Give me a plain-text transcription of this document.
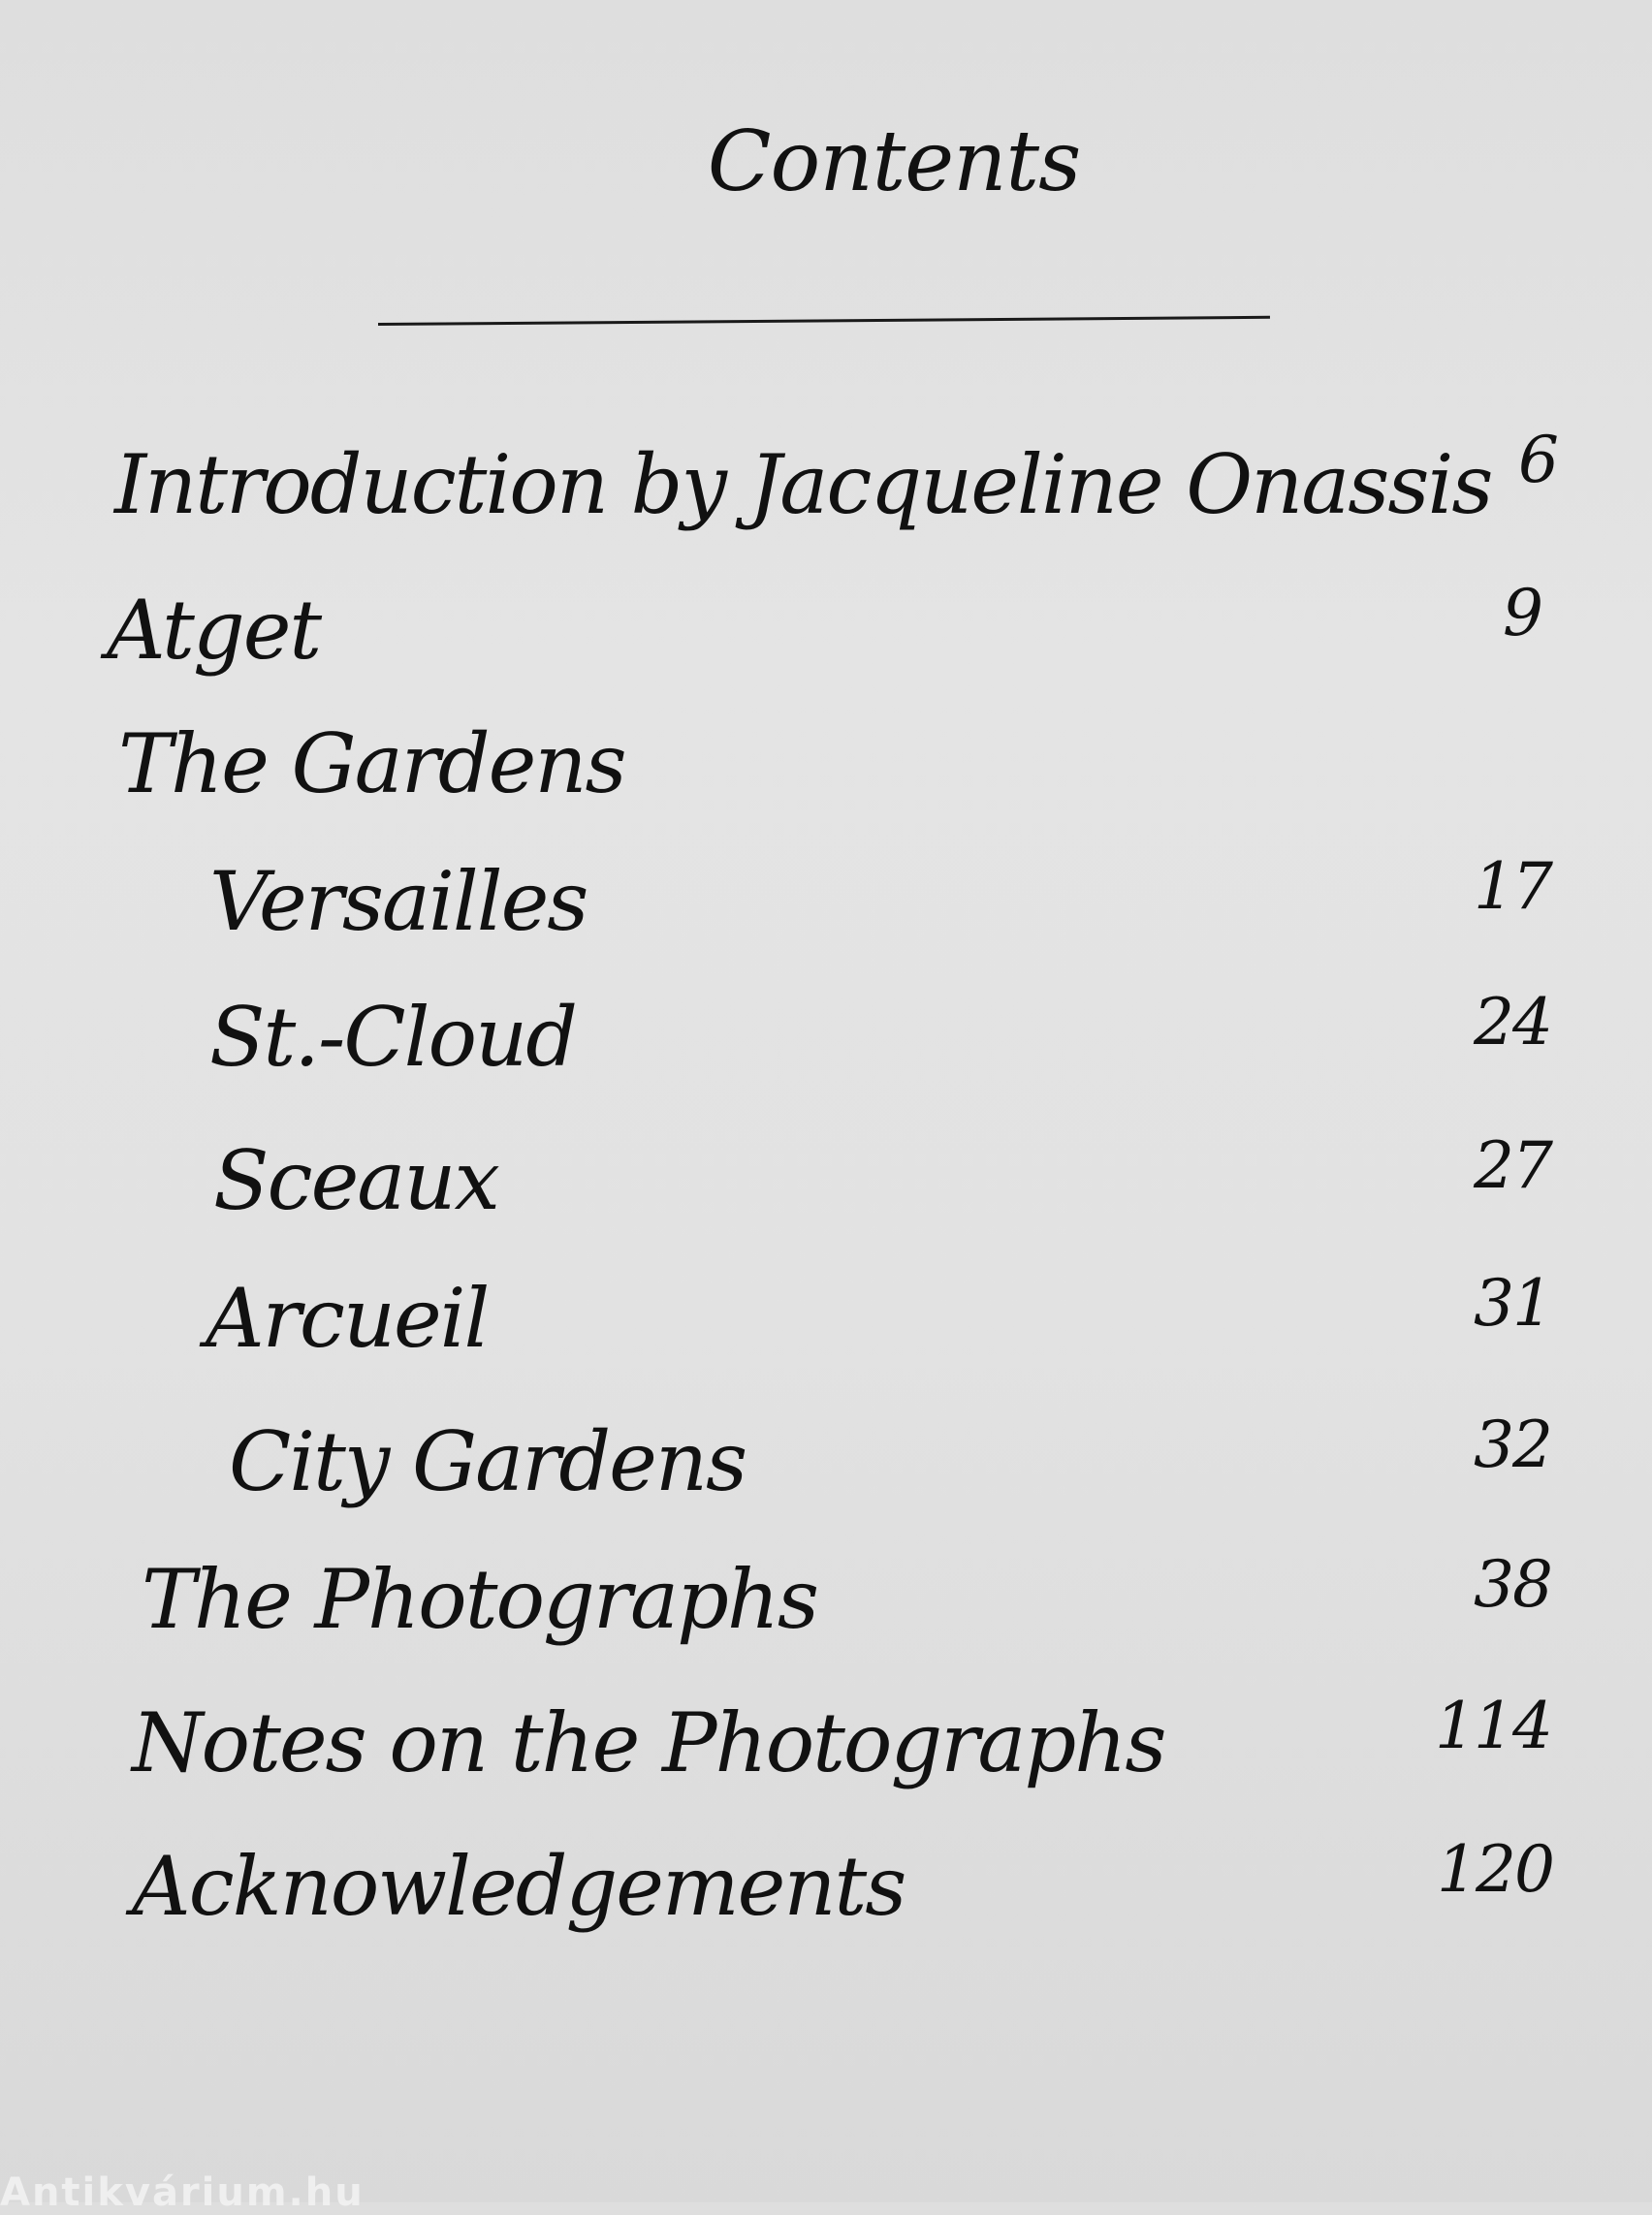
Contents
Introduction by Jacqueline Onassis 6
Atget	9
The Gardens
Versailles	17
St.-Cloud	24
Sceaux	27
Arcueil	31
City Gardens	32
The Photographs	38
Notes on the Photographs	114
Acknowledgements	120
Antikvárium.hu
